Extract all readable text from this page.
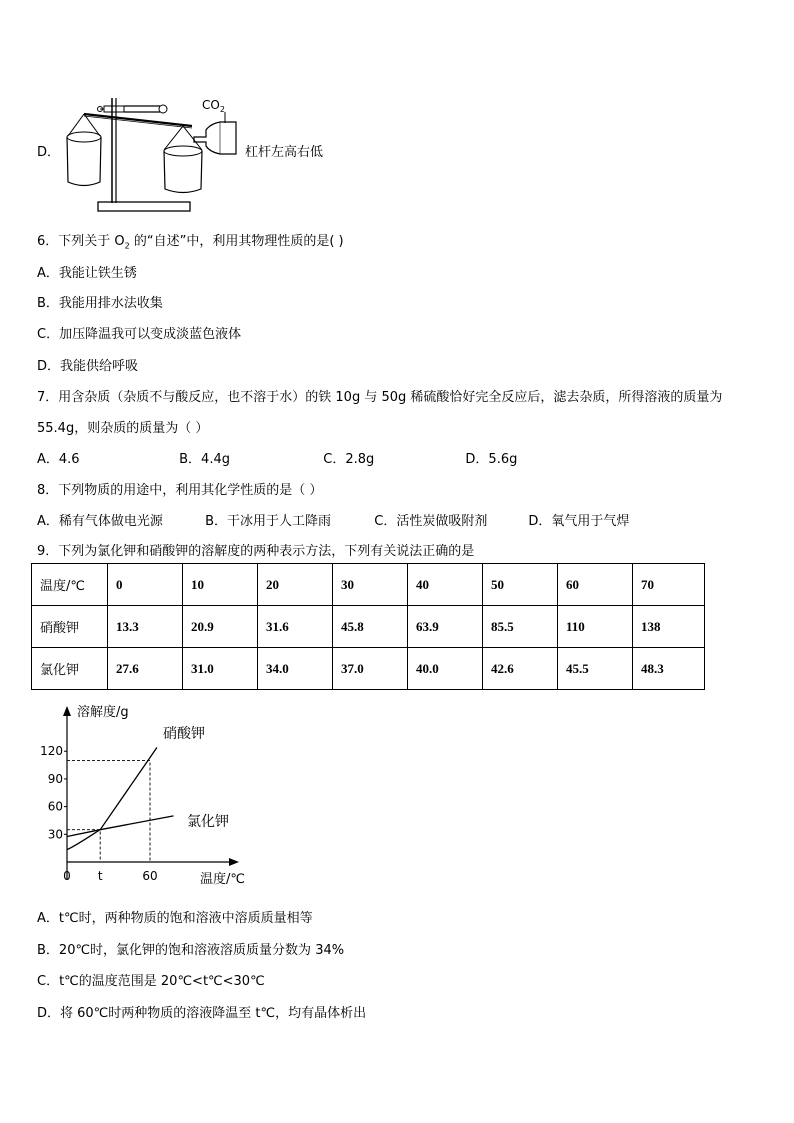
D．
$CO_2$
杠杆左高右低
6．下列关于 $O_2$ 的“自述”中，利用其物理性质的是( )
A．我能让铁生锈
B．我能用排水法收集
C．加压降温我可以变成淡蓝色液体
D．我能供给呼吸
7．用含杂质（杂质不与酸反应，也不溶于水）的铁 10g 与 50g 稀硫酸恰好完全反应后，滤去杂质，所得溶液的质量为
55.4g，则杂质的质量为（ ）
A．4.6	B．4.4g	C．2.8g	D．5.6g
8．下列物质的用途中，利用其化学性质的是（ ）
A．稀有气体做电光源	B．干冰用于人工降雨	C．活性炭做吸附剂	D．氧气用于气焊
9．下列为氯化钾和硝酸钾的溶解度的两种表示方法，下列有关说法正确的是
温度/℃	0	10	20	30	40	50	60	70
硝酸钾	13.3	20.9	31.6	45.8	63.9	85.5	110	138
氯化钾	27.6	31.0	34.0	37.0	40.0	42.6	45.5	48.3
溶解度/g
温度/℃
120
90
60
30
0 t	60
硝酸钾
氯化钾
A．t℃时，两种物质的饱和溶液中溶质质量相等
B．20℃时，氯化钾的饱和溶液溶质质量分数为 34%
C．t℃的温度范围是 20℃<t℃<30℃
D．将 60℃时两种物质的溶液降温至 t℃，均有晶体析出
